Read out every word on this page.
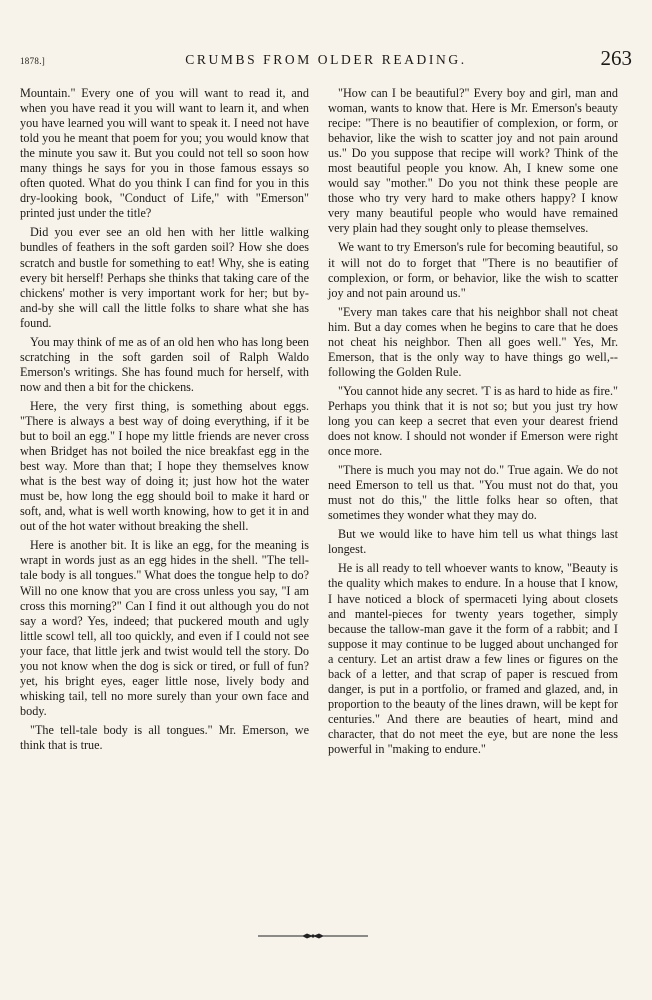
1878.]	CRUMBS FROM OLDER READING.	263

Mountain." Every one of you will want to read it, and when you have read it you will want to learn it, and when you have learned you will want to speak it. I need not have told you he meant that poem for you; you would know that the minute you saw it. But you could not tell so soon how many things he says for you in those famous essays so often quoted. What do you think I can find for you in this dry-looking book, "Conduct of Life," with "Emerson" printed just under the title?

Did you ever see an old hen with her little walking bundles of feathers in the soft garden soil? How she does scratch and bustle for something to eat! Why, she is eating every bit herself! Perhaps she thinks that taking care of the chickens' mother is very important work for her; but by-and-by she will call the little folks to share what she has found.

You may think of me as of an old hen who has long been scratching in the soft garden soil of Ralph Waldo Emerson's writings. She has found much for herself, with now and then a bit for the chickens.

Here, the very first thing, is something about eggs. "There is always a best way of doing everything, if it be but to boil an egg." I hope my little friends are never cross when Bridget has not boiled the nice breakfast egg in the best way. More than that; I hope they themselves know what is the best way of doing it; just how hot the water must be, how long the egg should boil to make it hard or soft, and, what is well worth knowing, how to get it in and out of the hot water without breaking the shell.

Here is another bit. It is like an egg, for the meaning is wrapt in words just as an egg hides in the shell. "The tell-tale body is all tongues." What does the tongue help to do? Will no one know that you are cross unless you say, "I am cross this morning?" Can I find it out although you do not say a word? Yes, indeed; that puckered mouth and ugly little scowl tell, all too quickly, and even if I could not see your face, that little jerk and twist would tell the story. Do you not know when the dog is sick or tired, or full of fun? yet, his bright eyes, eager little nose, lively body and whisking tail, tell no more surely than your own face and body.

"The tell-tale body is all tongues." Mr. Emerson, we think that is true.

"How can I be beautiful?" Every boy and girl, man and woman, wants to know that. Here is Mr. Emerson's beauty recipe: "There is no beautifier of complexion, or form, or behavior, like the wish to scatter joy and not pain around us." Do you suppose that recipe will work? Think of the most beautiful people you know. Ah, I knew some one would say "mother." Do you not think these people are those who try very hard to make others happy? I know very many beautiful people who would have remained very plain had they sought only to please themselves.

We want to try Emerson's rule for becoming beautiful, so it will not do to forget that "There is no beautifier of complexion, or form, or behavior, like the wish to scatter joy and not pain around us."

"Every man takes care that his neighbor shall not cheat him. But a day comes when he begins to care that he does not cheat his neighbor. Then all goes well." Yes, Mr. Emerson, that is the only way to have things go well,--following the Golden Rule.

"You cannot hide any secret. 'T is as hard to hide as fire." Perhaps you think that it is not so; but you just try how long you can keep a secret that even your dearest friend does not know. I should not wonder if Emerson were right once more.

"There is much you may not do." True again. We do not need Emerson to tell us that. "You must not do that, you must not do this," the little folks hear so often, that sometimes they wonder what they may do.

But we would like to have him tell us what things last longest.

He is all ready to tell whoever wants to know, "Beauty is the quality which makes to endure. In a house that I know, I have noticed a block of spermaceti lying about closets and mantel-pieces for twenty years together, simply because the tallow-man gave it the form of a rabbit; and I suppose it may continue to be lugged about unchanged for a century. Let an artist draw a few lines or figures on the back of a letter, and that scrap of paper is rescued from danger, is put in a portfolio, or framed and glazed, and, in proportion to the beauty of the lines drawn, will be kept for centuries." And there are beauties of heart, mind and character, that do not meet the eye, but are none the less powerful in "making to endure."
